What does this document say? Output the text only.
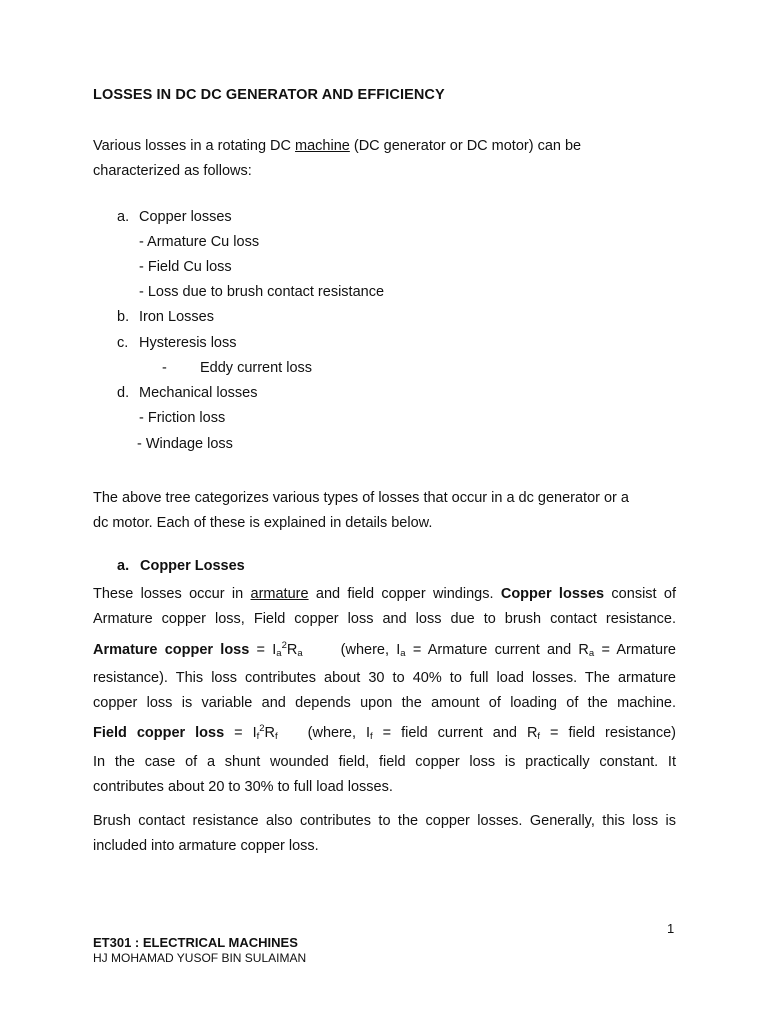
LOSSES IN DC DC GENERATOR AND EFFICIENCY
Various losses in a rotating DC machine (DC generator or DC motor) can be
characterized as follows:
a. Copper losses
- Armature Cu loss
- Field Cu loss
- Loss due to brush contact resistance
b. Iron Losses
c. Hysteresis loss
- Eddy current loss
d. Mechanical losses
- Friction loss
- Windage loss
The above tree categorizes various types of losses that occur in a dc generator or a
dc motor. Each of these is explained in details below.
a. Copper Losses
These losses occur in armature and field copper windings. Copper losses consist of
Armature copper loss, Field copper loss and loss due to brush contact resistance.
Armature copper loss = $I_a^2R_a$	(where, $I_a$ = Armature current and $R_a$ = Armature
resistance). This loss contributes about 30 to 40% to full load losses. The armature
copper loss is variable and depends upon the amount of loading of the machine.
Field copper loss = $I_f^2R_f$ (where, $I_f$ = field current and $R_f$ = field resistance)
In the case of a shunt wounded field, field copper loss is practically constant. It
contributes about 20 to 30% to full load losses.
Brush contact resistance also contributes to the copper losses. Generally, this loss is
included into armature copper loss.
1
ET301 : ELECTRICAL MACHINES
HJ MOHAMAD YUSOF BIN SULAIMAN
